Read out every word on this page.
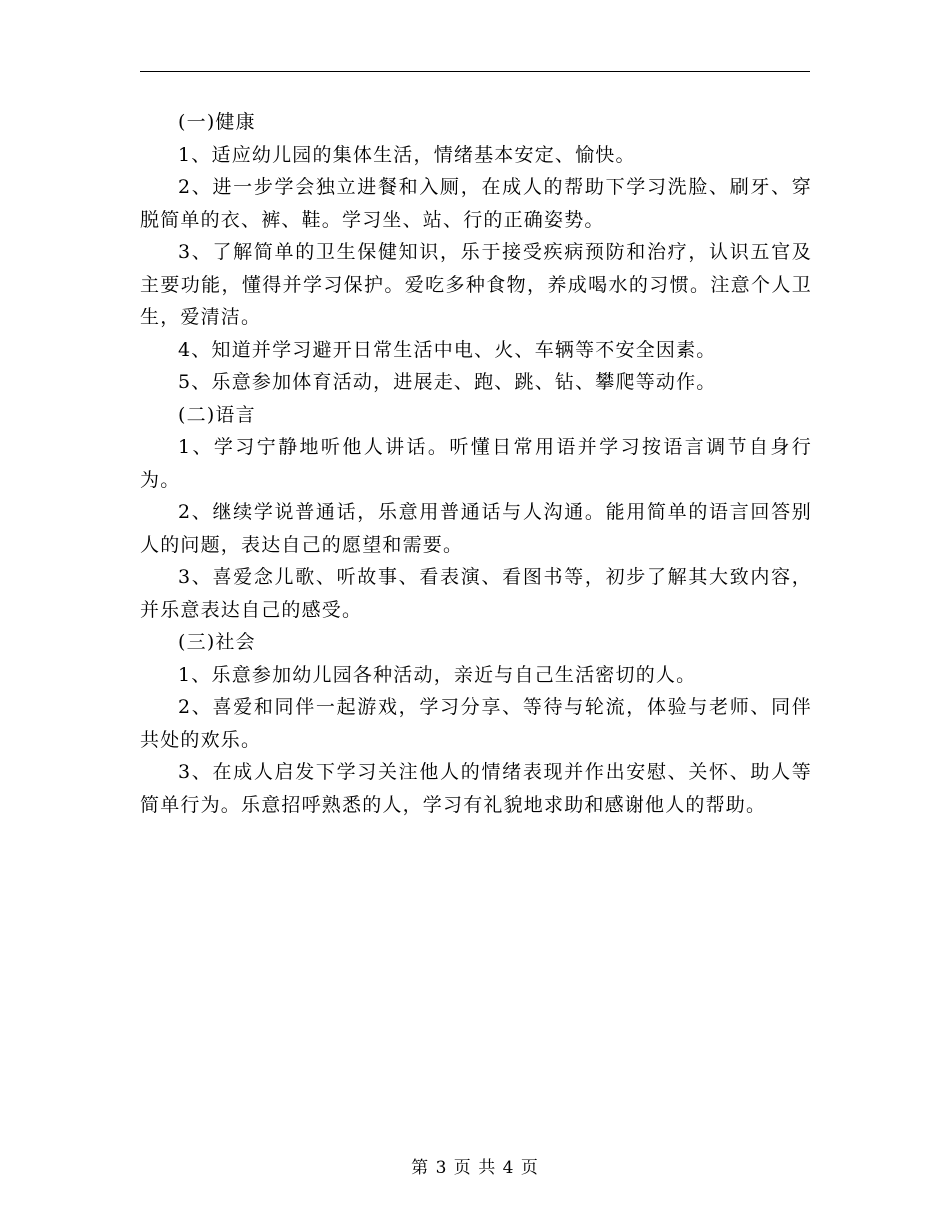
(一)健康

1、适应幼儿园的集体生活，情绪基本安定、愉快。

2、进一步学会独立进餐和入厕，在成人的帮助下学习洗脸、刷牙、穿脱简单的衣、裤、鞋。学习坐、站、行的正确姿势。

3、了解简单的卫生保健知识，乐于接受疾病预防和治疗，认识五官及主要功能，懂得并学习保护。爱吃多种食物，养成喝水的习惯。注意个人卫生，爱清洁。

4、知道并学习避开日常生活中电、火、车辆等不安全因素。

5、乐意参加体育活动，进展走、跑、跳、钻、攀爬等动作。

(二)语言

1、学习宁静地听他人讲话。听懂日常用语并学习按语言调节自身行为。

2、继续学说普通话，乐意用普通话与人沟通。能用简单的语言回答别人的问题，表达自己的愿望和需要。

3、喜爱念儿歌、听故事、看表演、看图书等，初步了解其大致内容，并乐意表达自己的感受。

(三)社会

1、乐意参加幼儿园各种活动，亲近与自己生活密切的人。

2、喜爱和同伴一起游戏，学习分享、等待与轮流，体验与老师、同伴共处的欢乐。

3、在成人启发下学习关注他人的情绪表现并作出安慰、关怀、助人等简单行为。乐意招呼熟悉的人，学习有礼貌地求助和感谢他人的帮助。

第 3 页 共 4 页
